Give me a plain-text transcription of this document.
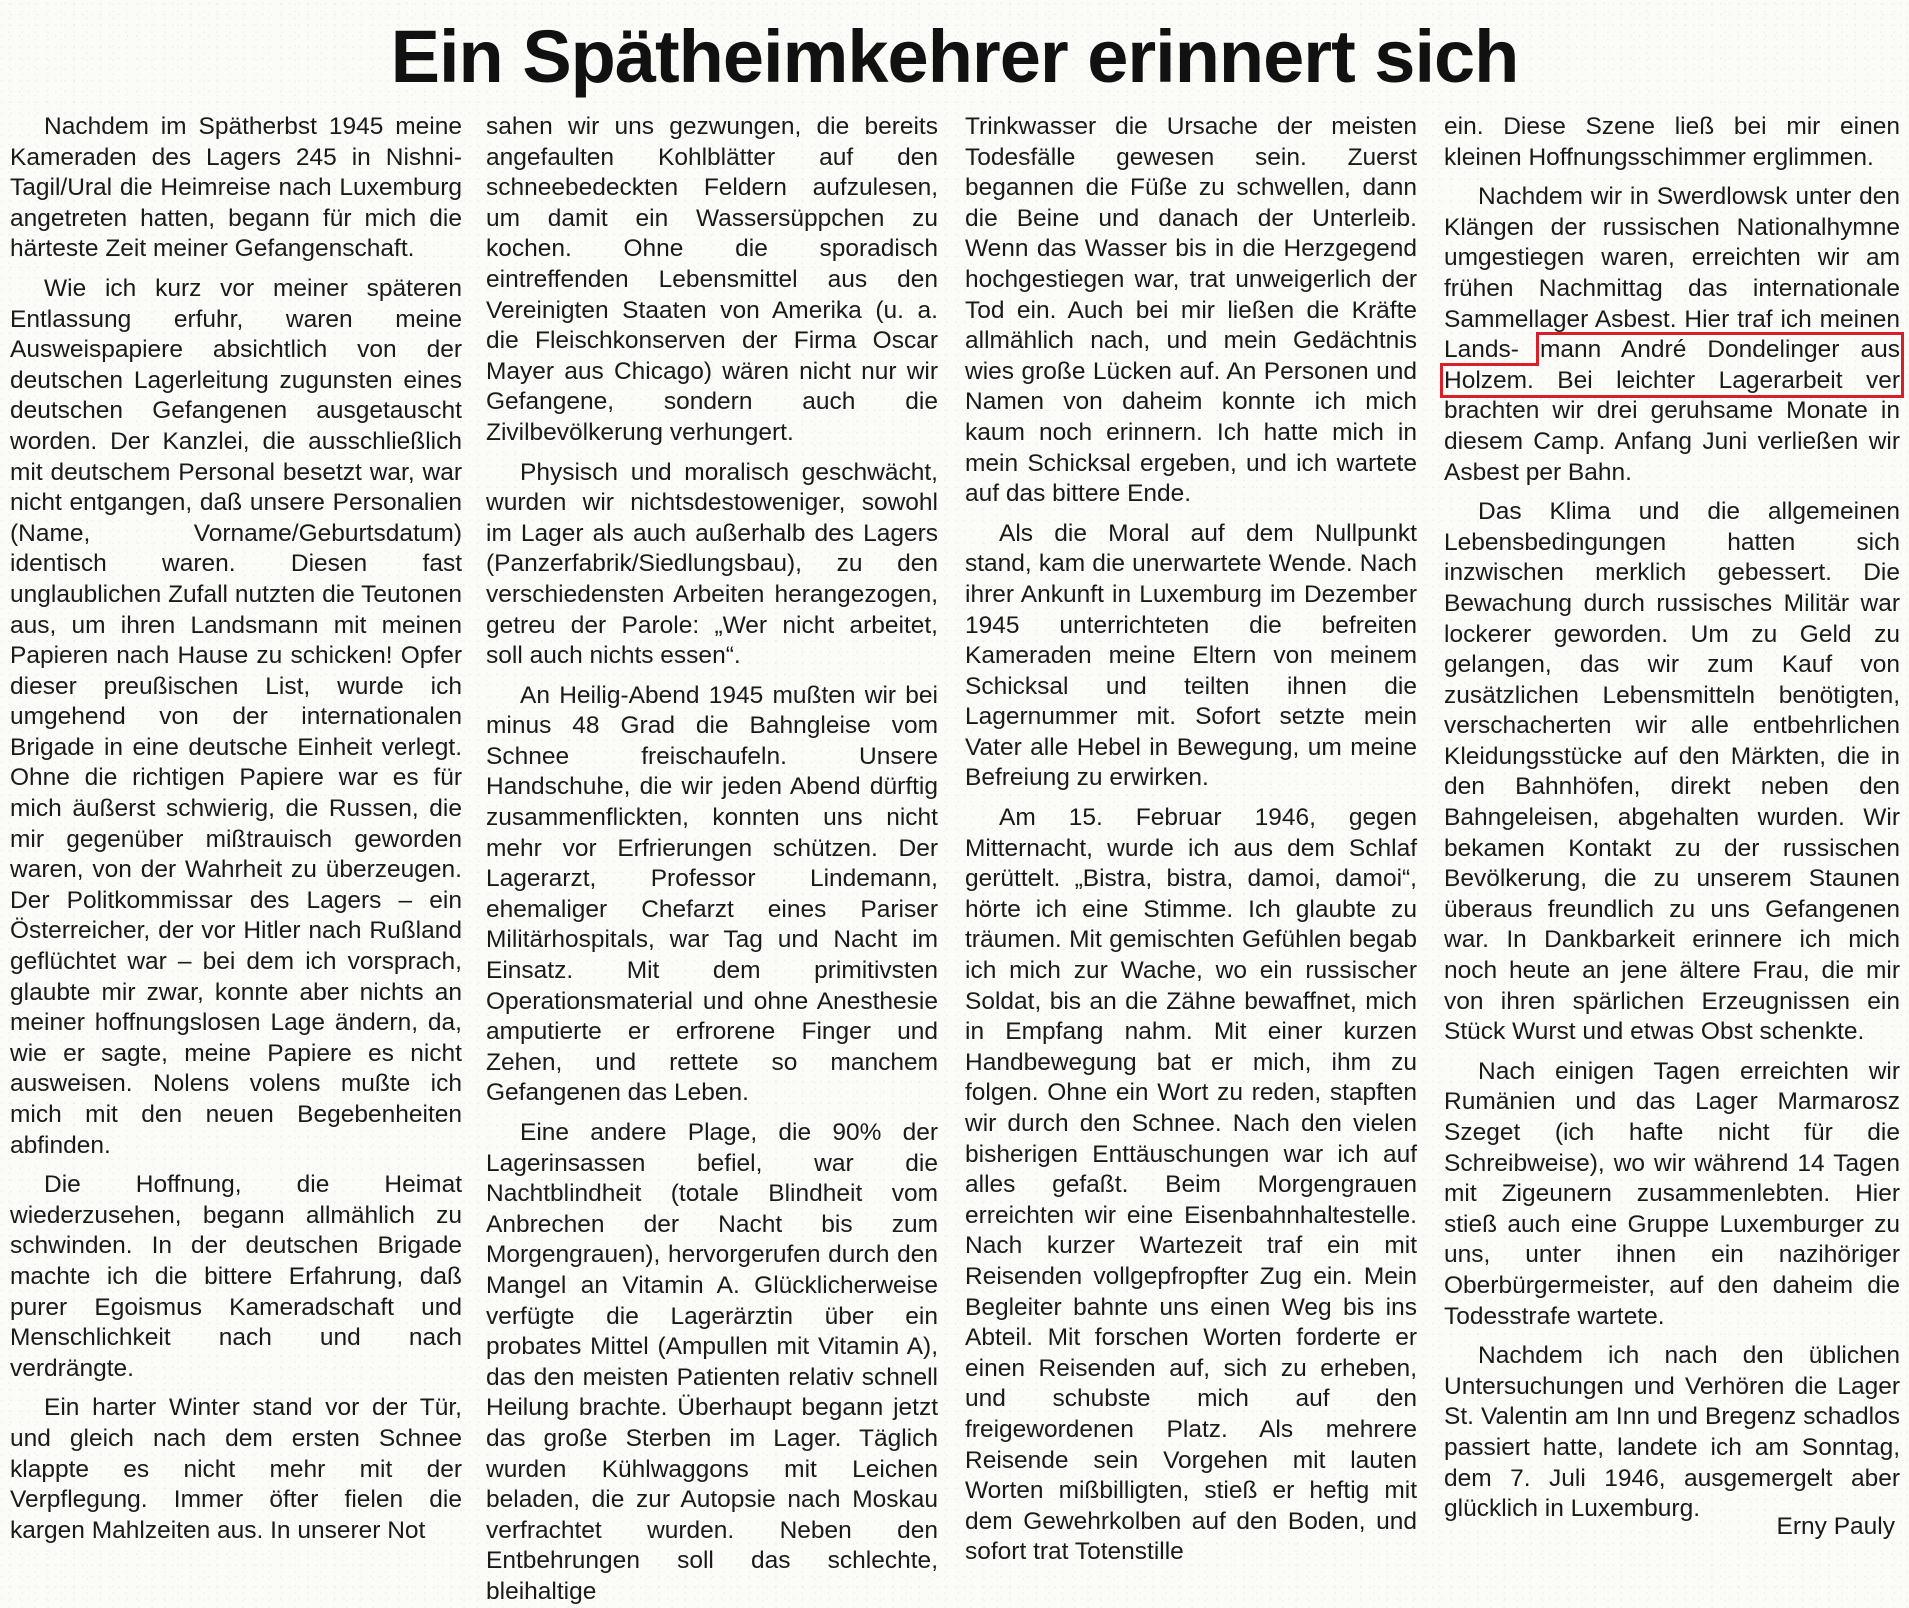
Ein Spätheimkehrer erinnert sich

Nachdem im Spätherbst 1945 meine Kameraden des Lagers 245 in Nishni-Tagil/Ural die Heimreise nach Luxemburg angetreten hatten, begann für mich die härteste Zeit meiner Gefangenschaft.

Wie ich kurz vor meiner späteren Entlassung erfuhr, waren meine Ausweispapiere absichtlich von der deutschen Lagerleitung zugunsten eines deutschen Gefangenen ausgetauscht worden. Der Kanzlei, die ausschließlich mit deutschem Personal besetzt war, war nicht entgangen, daß unsere Personalien (Name, Vorname/Geburtsdatum) identisch waren. Diesen fast unglaublichen Zufall nutzten die Teutonen aus, um ihren Landsmann mit meinen Papieren nach Hause zu schicken! Opfer dieser preußischen List, wurde ich umgehend von der internationalen Brigade in eine deutsche Einheit verlegt. Ohne die richtigen Papiere war es für mich äußerst schwierig, die Russen, die mir gegenüber mißtrauisch geworden waren, von der Wahrheit zu überzeugen. Der Politkommissar des Lagers – ein Österreicher, der vor Hitler nach Rußland geflüchtet war – bei dem ich vorsprach, glaubte mir zwar, konnte aber nichts an meiner hoffnungslosen Lage ändern, da, wie er sagte, meine Papiere es nicht ausweisen. Nolens volens mußte ich mich mit den neuen Begebenheiten abfinden.

Die Hoffnung, die Heimat wiederzusehen, begann allmählich zu schwinden. In der deutschen Brigade machte ich die bittere Erfahrung, daß purer Egoismus Kameradschaft und Menschlichkeit nach und nach verdrängte.

Ein harter Winter stand vor der Tür, und gleich nach dem ersten Schnee klappte es nicht mehr mit der Verpflegung. Immer öfter fielen die kargen Mahlzeiten aus. In unserer Not

sahen wir uns gezwungen, die bereits angefaulten Kohlblätter auf den schneebedeckten Feldern aufzulesen, um damit ein Wassersüppchen zu kochen. Ohne die sporadisch eintreffenden Lebensmittel aus den Vereinigten Staaten von Amerika (u. a. die Fleischkonserven der Firma Oscar Mayer aus Chicago) wären nicht nur wir Gefangene, sondern auch die Zivilbevölkerung verhungert.

Physisch und moralisch geschwächt, wurden wir nichtsdestoweniger, sowohl im Lager als auch außerhalb des Lagers (Panzerfabrik/Siedlungsbau), zu den verschiedensten Arbeiten herangezogen, getreu der Parole: „Wer nicht arbeitet, soll auch nichts essen“.

An Heilig-Abend 1945 mußten wir bei minus 48 Grad die Bahngleise vom Schnee freischaufeln. Unsere Handschuhe, die wir jeden Abend dürftig zusammenflickten, konnten uns nicht mehr vor Erfrierungen schützen. Der Lagerarzt, Professor Lindemann, ehemaliger Chefarzt eines Pariser Militärhospitals, war Tag und Nacht im Einsatz. Mit dem primitivsten Operationsmaterial und ohne Anesthesie amputierte er erfrorene Finger und Zehen, und rettete so manchem Gefangenen das Leben.

Eine andere Plage, die 90% der Lagerinsassen befiel, war die Nachtblindheit (totale Blindheit vom Anbrechen der Nacht bis zum Morgengrauen), hervorgerufen durch den Mangel an Vitamin A. Glücklicherweise verfügte die Lagerärztin über ein probates Mittel (Ampullen mit Vitamin A), das den meisten Patienten relativ schnell Heilung brachte. Überhaupt begann jetzt das große Sterben im Lager. Täglich wurden Kühlwaggons mit Leichen beladen, die zur Autopsie nach Moskau verfrachtet wurden. Neben den Entbehrungen soll das schlechte, bleihaltige

Trinkwasser die Ursache der meisten Todesfälle gewesen sein. Zuerst begannen die Füße zu schwellen, dann die Beine und danach der Unterleib. Wenn das Wasser bis in die Herzgegend hochgestiegen war, trat unweigerlich der Tod ein. Auch bei mir ließen die Kräfte allmählich nach, und mein Gedächtnis wies große Lücken auf. An Personen und Namen von daheim konnte ich mich kaum noch erinnern. Ich hatte mich in mein Schicksal ergeben, und ich wartete auf das bittere Ende.

Als die Moral auf dem Nullpunkt stand, kam die unerwartete Wende. Nach ihrer Ankunft in Luxemburg im Dezember 1945 unterrichteten die befreiten Kameraden meine Eltern von meinem Schicksal und teilten ihnen die Lagernummer mit. Sofort setzte mein Vater alle Hebel in Bewegung, um meine Befreiung zu erwirken.

Am 15. Februar 1946, gegen Mitternacht, wurde ich aus dem Schlaf gerüttelt. „Bistra, bistra, damoi, damoi“, hörte ich eine Stimme. Ich glaubte zu träumen. Mit gemischten Gefühlen begab ich mich zur Wache, wo ein russischer Soldat, bis an die Zähne bewaffnet, mich in Empfang nahm. Mit einer kurzen Handbewegung bat er mich, ihm zu folgen. Ohne ein Wort zu reden, stapften wir durch den Schnee. Nach den vielen bisherigen Enttäuschungen war ich auf alles gefaßt. Beim Morgengrauen erreichten wir eine Eisenbahnhaltestelle. Nach kurzer Wartezeit traf ein mit Reisenden vollgepfropfter Zug ein. Mein Begleiter bahnte uns einen Weg bis ins Abteil. Mit forschen Worten forderte er einen Reisenden auf, sich zu erheben, und schubste mich auf den freigewordenen Platz. Als mehrere Reisende sein Vorgehen mit lauten Worten mißbilligten, stieß er heftig mit dem Gewehrkolben auf den Boden, und sofort trat Totenstille

ein. Diese Szene ließ bei mir einen kleinen Hoffnungsschimmer erglimmen.

Nachdem wir in Swerdlowsk unter den Klängen der russischen Nationalhymne umgestiegen waren, erreichten wir am frühen Nachmittag das internationale Sammellager Asbest. Hier traf ich meinen Lands- mann André Dondelinger aus Holzem. Bei leichter Lagerarbeit ver brachten wir drei geruhsame Monate in diesem Camp. Anfang Juni verließen wir Asbest per Bahn.

Das Klima und die allgemeinen Lebensbedingungen hatten sich inzwischen merklich gebessert. Die Bewachung durch russisches Militär war lockerer geworden. Um zu Geld zu gelangen, das wir zum Kauf von zusätzlichen Lebensmitteln benötigten, verschacherten wir alle entbehrlichen Kleidungsstücke auf den Märkten, die in den Bahnhöfen, direkt neben den Bahngeleisen, abgehalten wurden. Wir bekamen Kontakt zu der russischen Bevölkerung, die zu unserem Staunen überaus freundlich zu uns Gefangenen war. In Dankbarkeit erinnere ich mich noch heute an jene ältere Frau, die mir von ihren spärlichen Erzeugnissen ein Stück Wurst und etwas Obst schenkte.

Nach einigen Tagen erreichten wir Rumänien und das Lager Marmarosz Szeget (ich hafte nicht für die Schreibweise), wo wir während 14 Tagen mit Zigeunern zusammenlebten. Hier stieß auch eine Gruppe Luxemburger zu uns, unter ihnen ein nazihöriger Oberbürgermeister, auf den daheim die Todesstrafe wartete.

Nachdem ich nach den üblichen Untersuchungen und Verhören die Lager St. Valentin am Inn und Bregenz schadlos passiert hatte, landete ich am Sonntag, dem 7. Juli 1946, ausgemergelt aber glücklich in Luxemburg.

Erny Pauly
